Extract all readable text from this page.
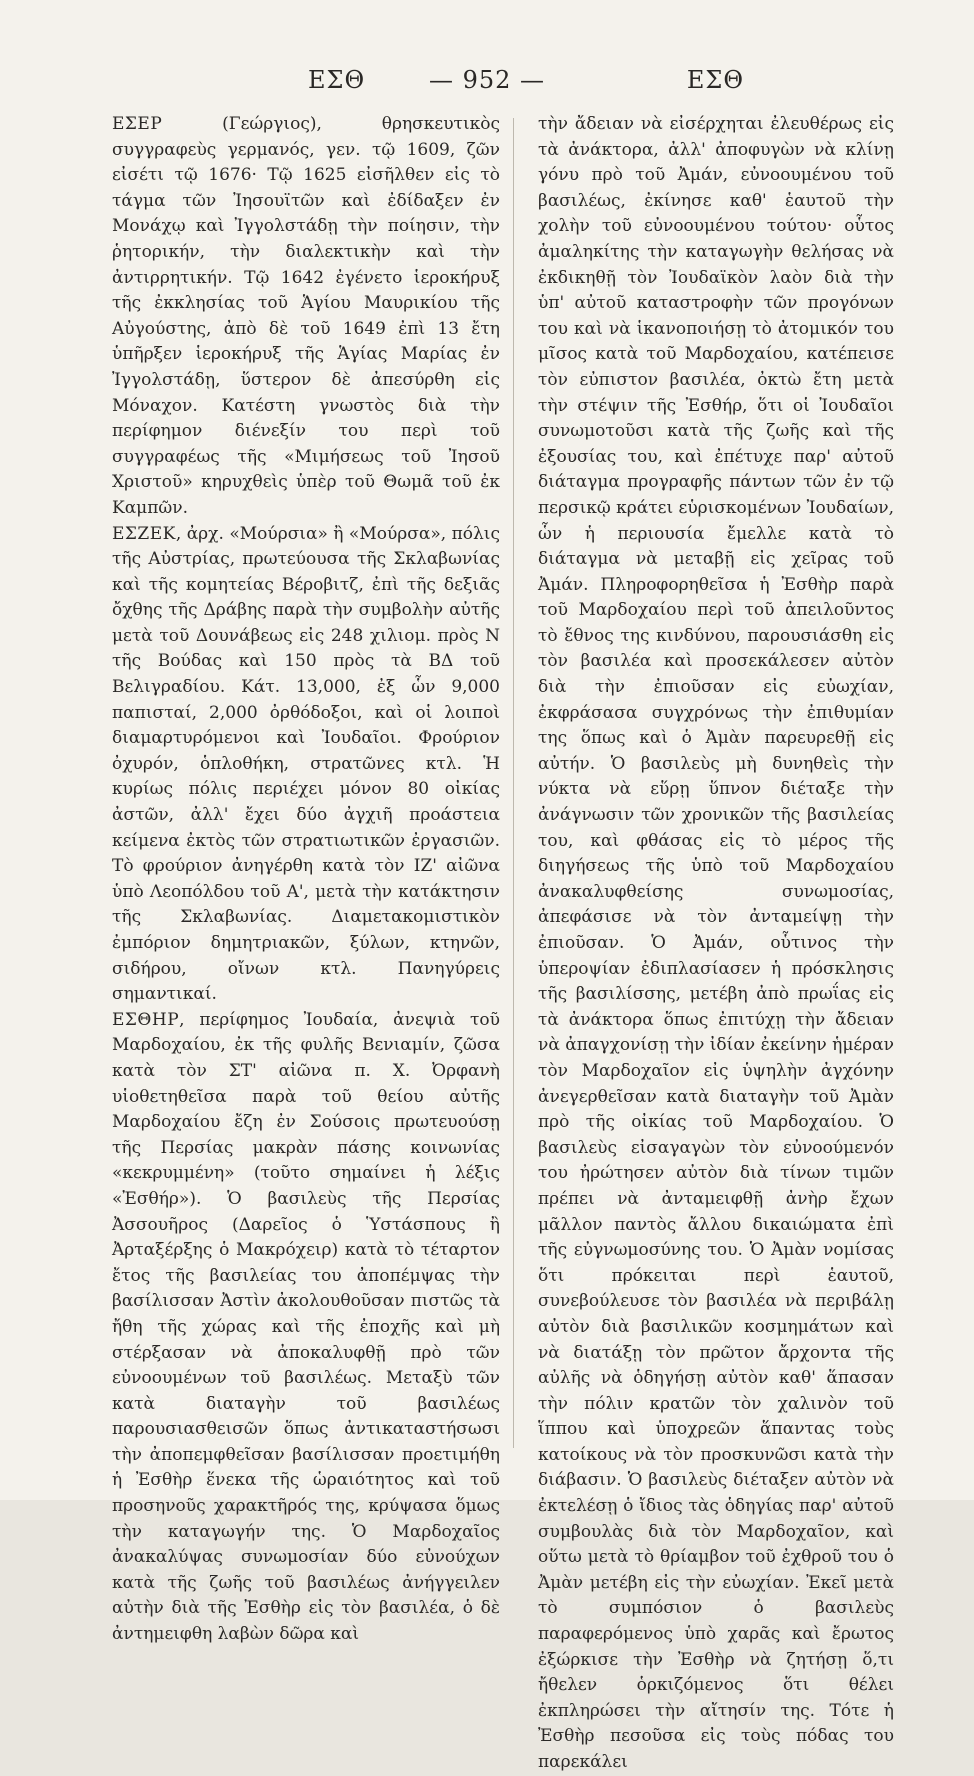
ΕΣΘ	— 952 —	ΕΣΘ

ΕΣΕΡ	(Γεώργιος), θρησκευτικὸς συγγραφεὺς γερμανός, γεν. τῷ 1609, ζῶν εἰσέτι τῷ 1676· Τῷ 1625 εἰσῆλθεν εἰς τὸ τάγμα τῶν Ἰησουϊτῶν καὶ ἐδίδαξεν ἐν Μονάχῳ καὶ Ἰγγολστάδῃ τὴν ποίησιν, τὴν ῥητορικήν, τὴν διαλεκτικὴν καὶ τὴν ἀντιρρητικήν. Τῷ 1642 ἐγένετο ἱεροκήρυξ τῆς ἐκκλησίας τοῦ Ἁγίου Μαυρικίου τῆς Αὐγούστης, ἀπὸ δὲ τοῦ 1649 ἐπὶ 13 ἔτη ὑπῆρξεν ἱεροκήρυξ τῆς Ἁγίας Μαρίας ἐν Ἰγγολστάδῃ, ὕστερον δὲ ἀπεσύρθη εἰς Μόναχον. Κατέστη γνωστὸς διὰ τὴν περίφημον διένεξίν του περὶ τοῦ συγγραφέως τῆς «Μιμήσεως τοῦ Ἰησοῦ Χριστοῦ» κηρυχθεὶς ὑπὲρ τοῦ Θωμᾶ τοῦ ἐκ Καμπῶν.

ΕΣΖΕΚ, ἀρχ. «Μούρσια» ἢ «Μούρσα», πόλις τῆς Αὐστρίας, πρωτεύουσα τῆς Σκλαβωνίας καὶ τῆς κομητείας Βέροβιτζ, ἐπὶ τῆς δεξιᾶς ὄχθης τῆς Δράβης παρὰ τὴν συμβολὴν αὐτῆς μετὰ τοῦ Δουνάβεως εἰς 248 χιλιομ. πρὸς Ν τῆς Βούδας καὶ 150 πρὸς τὰ ΒΔ τοῦ Βελιγραδίου. Κάτ. 13,000, ἐξ ὧν 9,000 παπισταί, 2,000 ὀρθόδοξοι, καὶ οἱ λοιποὶ διαμαρτυρόμενοι καὶ Ἰουδαῖοι. Φρούριον ὀχυρόν, ὁπλοθήκη, στρατῶνες κτλ. Ἡ κυρίως πόλις περιέχει μόνον 80 οἰκίας ἀστῶν, ἀλλ' ἔχει δύο ἀγχιῆ προάστεια κείμενα ἐκτὸς τῶν στρατιωτικῶν ἐργασιῶν. Τὸ φρούριον ἀνηγέρθη κατὰ τὸν ΙΖ' αἰῶνα ὑπὸ Λεοπόλδου τοῦ Α', μετὰ τὴν κατάκτησιν τῆς Σκλαβωνίας. Διαμετακομιστικὸν ἐμπόριον δημητριακῶν, ξύλων, κτηνῶν, σιδήρου, οἴνων κτλ. Πανηγύρεις σημαντικαί.

ΕΣΘΗΡ, περίφημος Ἰουδαία, ἀνεψιὰ τοῦ Μαρδοχαίου, ἐκ τῆς φυλῆς Βενιαμίν, ζῶσα κατὰ τὸν ΣΤ' αἰῶνα π. Χ. Ὀρφανὴ υἱοθετηθεῖσα παρὰ τοῦ θείου αὐτῆς Μαρδοχαίου ἔζη ἐν Σούσοις πρωτευούσῃ τῆς Περσίας μακρὰν πάσης κοινωνίας «κεκρυμμένη» (τοῦτο σημαίνει ἡ λέξις «Ἐσθήρ»). Ὁ βασιλεὺς τῆς Περσίας Ἀσσουῆρος (Δαρεῖος ὁ Ὑστάσπους ἢ Ἀρταξέρξης ὁ Μακρόχειρ) κατὰ τὸ τέταρτον ἔτος τῆς βασιλείας του ἀποπέμψας τὴν βασίλισσαν Ἀστὶν ἀκολουθοῦσαν πιστῶς τὰ ἤθη τῆς χώρας καὶ τῆς ἐποχῆς καὶ μὴ στέρξασαν νὰ ἀποκαλυφθῇ πρὸ τῶν εὐνοουμένων τοῦ βασιλέως. Μεταξὺ τῶν κατὰ διαταγὴν τοῦ βασιλέως παρουσιασθεισῶν ὅπως ἀντικαταστήσωσι τὴν ἀποπεμφθεῖσαν βασίλισσαν προετιμήθη ἡ Ἐσθὴρ ἕνεκα τῆς ὡραιότητος καὶ τοῦ προσηνοῦς χαρακτῆρός της, κρύψασα ὅμως τὴν καταγωγήν της. Ὁ Μαρδοχαῖος ἀνακαλύψας συνωμοσίαν δύο εὐνούχων κατὰ τῆς ζωῆς τοῦ βασιλέως ἀνήγγειλεν αὐτὴν διὰ τῆς Ἐσθὴρ εἰς τὸν βασιλέα, ὁ δὲ ἀντημειφθη λαβὼν δῶρα καὶ

τὴν ἄδειαν νὰ εἰσέρχηται ἐλευθέρως εἰς τὰ ἀνάκτορα, ἀλλ' ἀποφυγὼν νὰ κλίνῃ γόνυ πρὸ τοῦ Ἀμάν, εὐνοουμένου τοῦ βασιλέως, ἐκίνησε καθ' ἑαυτοῦ τὴν χολὴν τοῦ εὐνοουμένου τούτου· οὗτος ἀμαληκίτης τὴν καταγωγὴν θελήσας νὰ ἐκδικηθῇ τὸν Ἰουδαϊκὸν λαὸν διὰ τὴν ὑπ' αὐτοῦ καταστροφὴν τῶν προγόνων του καὶ νὰ ἱκανοποιήσῃ τὸ ἀτομικόν του μῖσος κατὰ τοῦ Μαρδοχαίου, κατέπεισε τὸν εὐπιστον βασιλέα, ὀκτὼ ἔτη μετὰ τὴν στέψιν τῆς Ἐσθήρ, ὅτι οἱ Ἰουδαῖοι συνωμοτοῦσι κατὰ τῆς ζωῆς καὶ τῆς ἐξουσίας του, καὶ ἐπέτυχε παρ' αὐτοῦ διάταγμα προγραφῆς πάντων τῶν ἐν τῷ περσικῷ κράτει εὑρισκομένων Ἰουδαίων, ὧν ἡ περιουσία ἔμελλε κατὰ τὸ διάταγμα νὰ μεταβῇ εἰς χεῖρας τοῦ Ἀμάν. Πληροφορηθεῖσα ἡ Ἐσθὴρ παρὰ τοῦ Μαρδοχαίου περὶ τοῦ ἀπειλοῦντος τὸ ἔθνος της κινδύνου, παρουσιάσθη εἰς τὸν βασιλέα καὶ προσεκάλεσεν αὐτὸν διὰ τὴν ἐπιοῦσαν εἰς εὐωχίαν, ἐκφράσασα συγχρόνως τὴν ἐπιθυμίαν της ὅπως καὶ ὁ Ἀμὰν παρευρεθῇ εἰς αὐτήν. Ὁ βασιλεὺς μὴ δυνηθεὶς τὴν νύκτα νὰ εὕρῃ ὕπνον διέταξε τὴν ἀνάγνωσιν τῶν χρονικῶν τῆς βασιλείας του, καὶ φθάσας εἰς τὸ μέρος τῆς διηγήσεως τῆς ὑπὸ τοῦ Μαρδοχαίου ἀνακαλυφθείσης συνωμοσίας, ἀπεφάσισε νὰ τὸν ἀνταμείψῃ τὴν ἐπιοῦσαν. Ὁ Ἀμάν, οὗτινος τὴν ὑπεροψίαν ἐδιπλασίασεν ἡ πρόσκλησις τῆς βασιλίσσης, μετέβη ἀπὸ πρωΐας εἰς τὰ ἀνάκτορα ὅπως ἐπιτύχῃ τὴν ἄδειαν νὰ ἀπαγχονίσῃ τὴν ἰδίαν ἐκείνην ἡμέραν τὸν Μαρδοχαῖον εἰς ὑψηλὴν ἀγχόνην ἀνεγερθεῖσαν κατὰ διαταγὴν τοῦ Ἀμὰν πρὸ τῆς οἰκίας τοῦ Μαρδοχαίου. Ὁ βασιλεὺς εἰσαγαγὼν τὸν εὐνοούμενόν του ἠρώτησεν αὐτὸν διὰ τίνων τιμῶν πρέπει νὰ ἀνταμειφθῇ ἀνὴρ ἔχων μᾶλλον παντὸς ἄλλου δικαιώματα ἐπὶ τῆς εὐγνωμοσύνης του. Ὁ Ἀμὰν νομίσας ὅτι πρόκειται περὶ ἑαυτοῦ, συνεβούλευσε τὸν βασιλέα νὰ περιβάλῃ αὐτὸν διὰ βασιλικῶν κοσμημάτων καὶ νὰ διατάξῃ τὸν πρῶτον ἄρχοντα τῆς αὐλῆς νὰ ὁδηγήσῃ αὐτὸν καθ' ἅπασαν τὴν πόλιν κρατῶν τὸν χαλινὸν τοῦ ἵππου καὶ ὑποχρεῶν ἅπαντας τοὺς κατοίκους νὰ τὸν προσκυνῶσι κατὰ τὴν διάβασιν. Ὁ βασιλεὺς διέταξεν αὐτὸν νὰ ἐκτελέσῃ ὁ ἴδιος τὰς ὁδηγίας παρ' αὐτοῦ συμβουλὰς διὰ τὸν Μαρδοχαῖον, καὶ οὕτω μετὰ τὸ θρίαμβον τοῦ ἐχθροῦ του ὁ Ἀμὰν μετέβη εἰς τὴν εὐωχίαν. Ἐκεῖ μετὰ τὸ συμπόσιον ὁ βασιλεὺς παραφερόμενος ὑπὸ χαρᾶς καὶ ἔρωτος ἐξώρκισε τὴν Ἐσθὴρ νὰ ζητήσῃ ὅ,τι ἤθελεν ὁρκιζόμενος ὅτι θέλει ἐκπληρώσει τὴν αἴτησίν της. Τότε ἡ Ἐσθὴρ πεσοῦσα εἰς τοὺς πόδας του παρεκάλει
